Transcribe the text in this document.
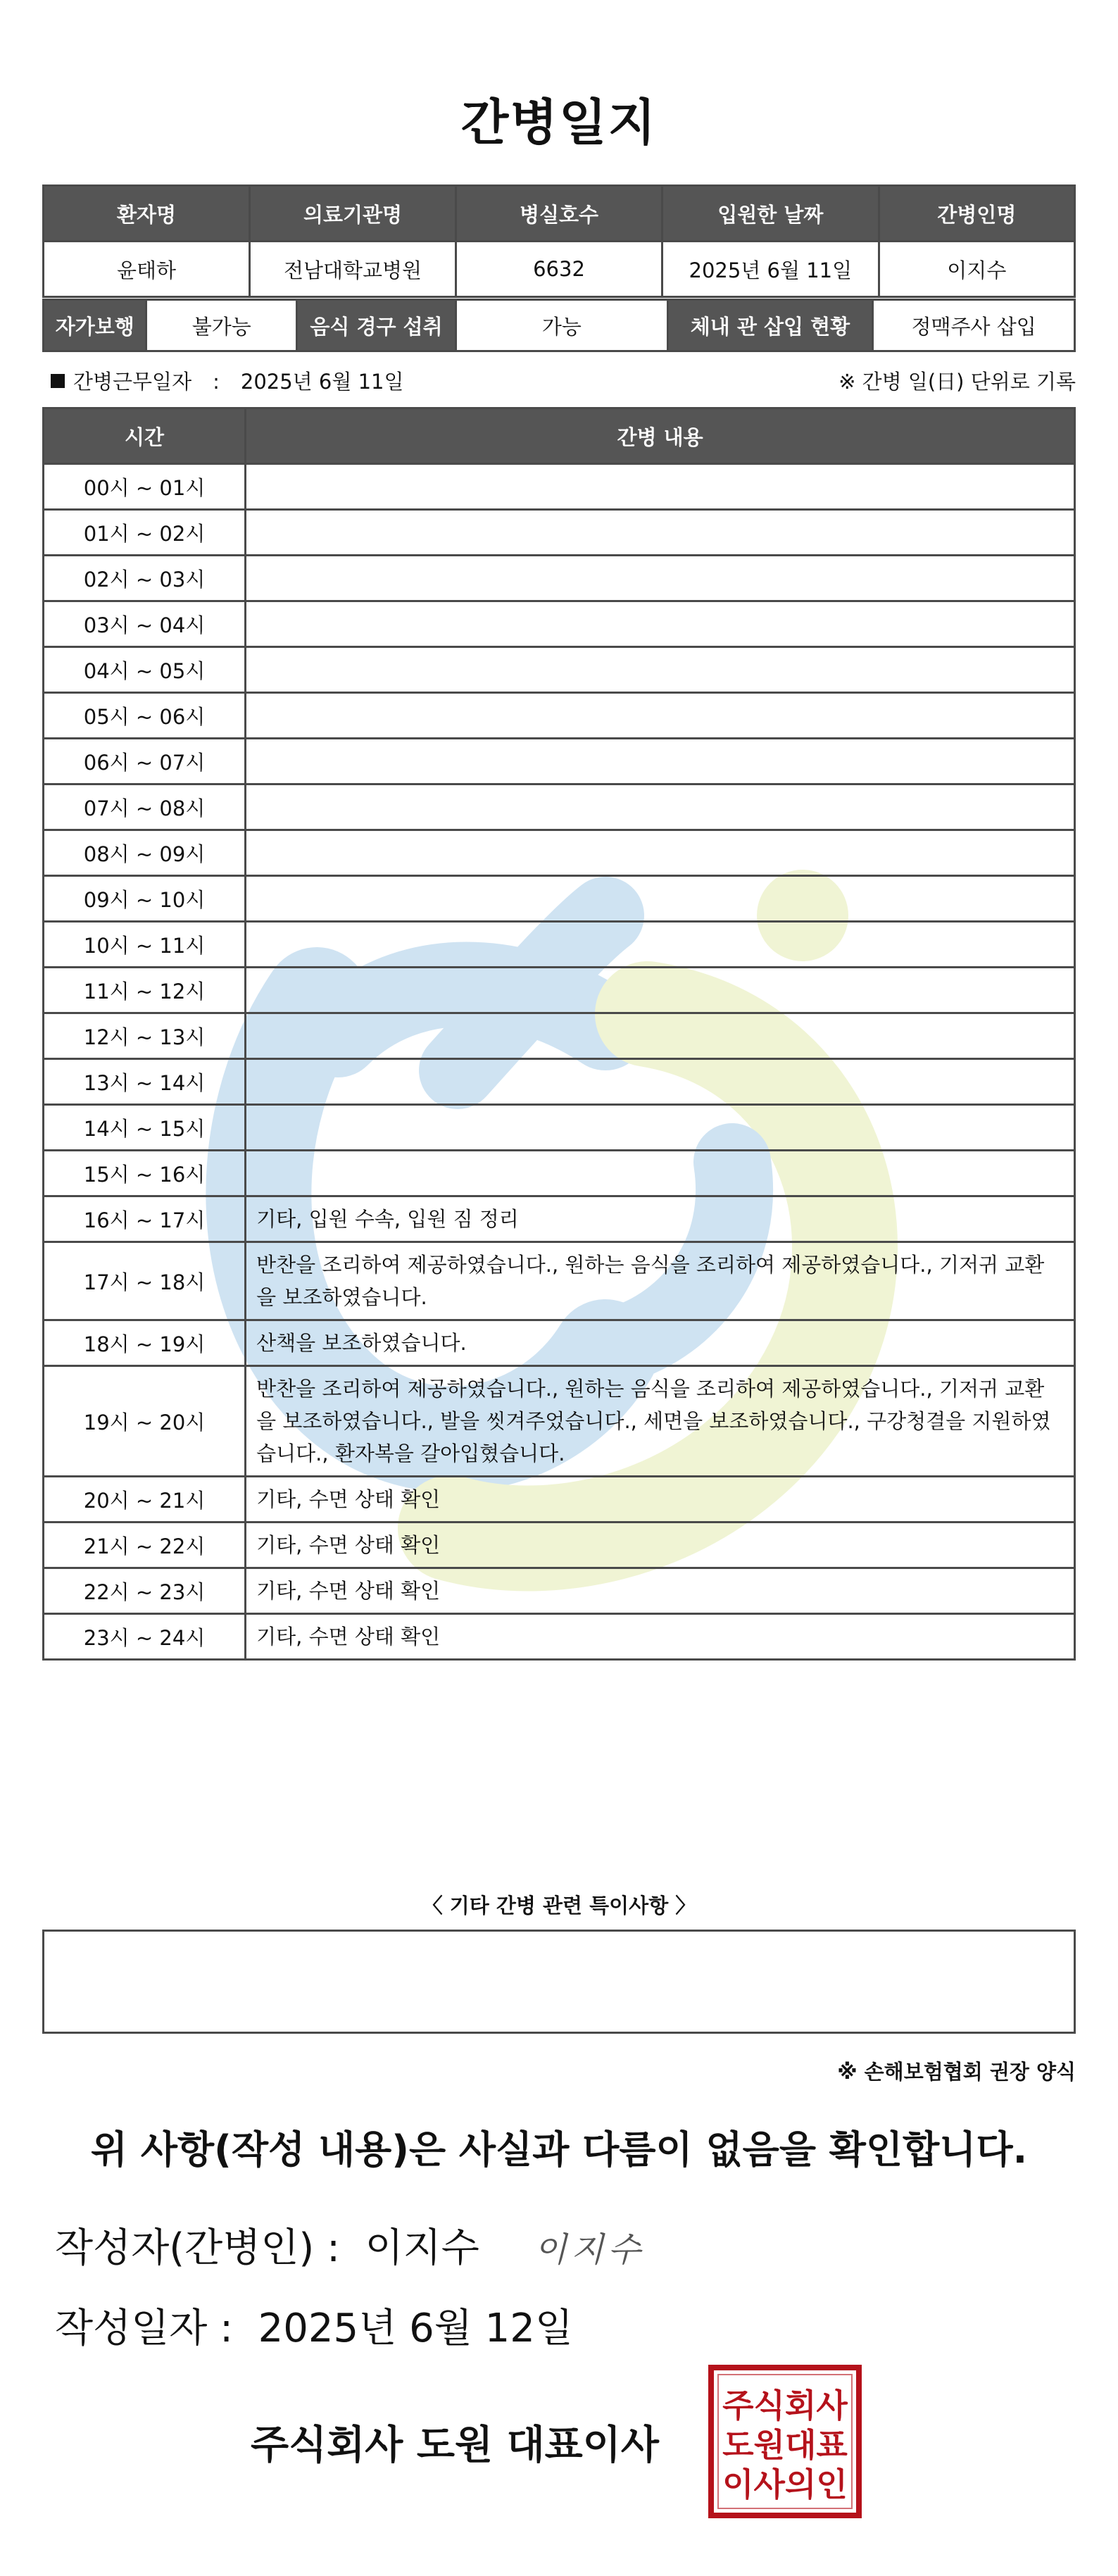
간병일지
환자명	의료기관명	병실호수	입원한 날짜	간병인명
윤태하	전남대학교병원	6632	2025년 6월 11일	이지수
자가보행	불가능	음식 경구 섭취	가능	체내 관 삽입 현황	정맥주사 삽입
간병근무일자 : 2025년 6월 11일	※ 간병 일(日) 단위로 기록
시간	간병 내용
00시 ~ 01시	
01시 ~ 02시	
02시 ~ 03시	
03시 ~ 04시	
04시 ~ 05시	
05시 ~ 06시	
06시 ~ 07시	
07시 ~ 08시	
08시 ~ 09시	
09시 ~ 10시	
10시 ~ 11시	
11시 ~ 12시	
12시 ~ 13시	
13시 ~ 14시	
14시 ~ 15시	
15시 ~ 16시	
16시 ~ 17시	기타, 입원 수속, 입원 짐 정리
17시 ~ 18시	반찬을 조리하여 제공하였습니다., 원하는 음식을 조리하여 제공하였습니다., 기저귀 교환을 보조하였습니다.
18시 ~ 19시	산책을 보조하였습니다.
19시 ~ 20시	반찬을 조리하여 제공하였습니다., 원하는 음식을 조리하여 제공하였습니다., 기저귀 교환을 보조하였습니다., 발을 씻겨주었습니다., 세면을 보조하였습니다., 구강청결을 지원하였습니다., 환자복을 갈아입혔습니다.
20시 ~ 21시	기타, 수면 상태 확인
21시 ~ 22시	기타, 수면 상태 확인
22시 ~ 23시	기타, 수면 상태 확인
23시 ~ 24시	기타, 수면 상태 확인
〈 기타 간병 관련 특이사항 〉
※ 손해보험협회 권장 양식
위 사항(작성 내용)은 사실과 다름이 없음을 확인합니다.
작성자(간병인) : 이지수 이지수
작성일자 : 2025년 6월 12일
주식회사 도원 대표이사
주식회사
도원대표
이사의인
